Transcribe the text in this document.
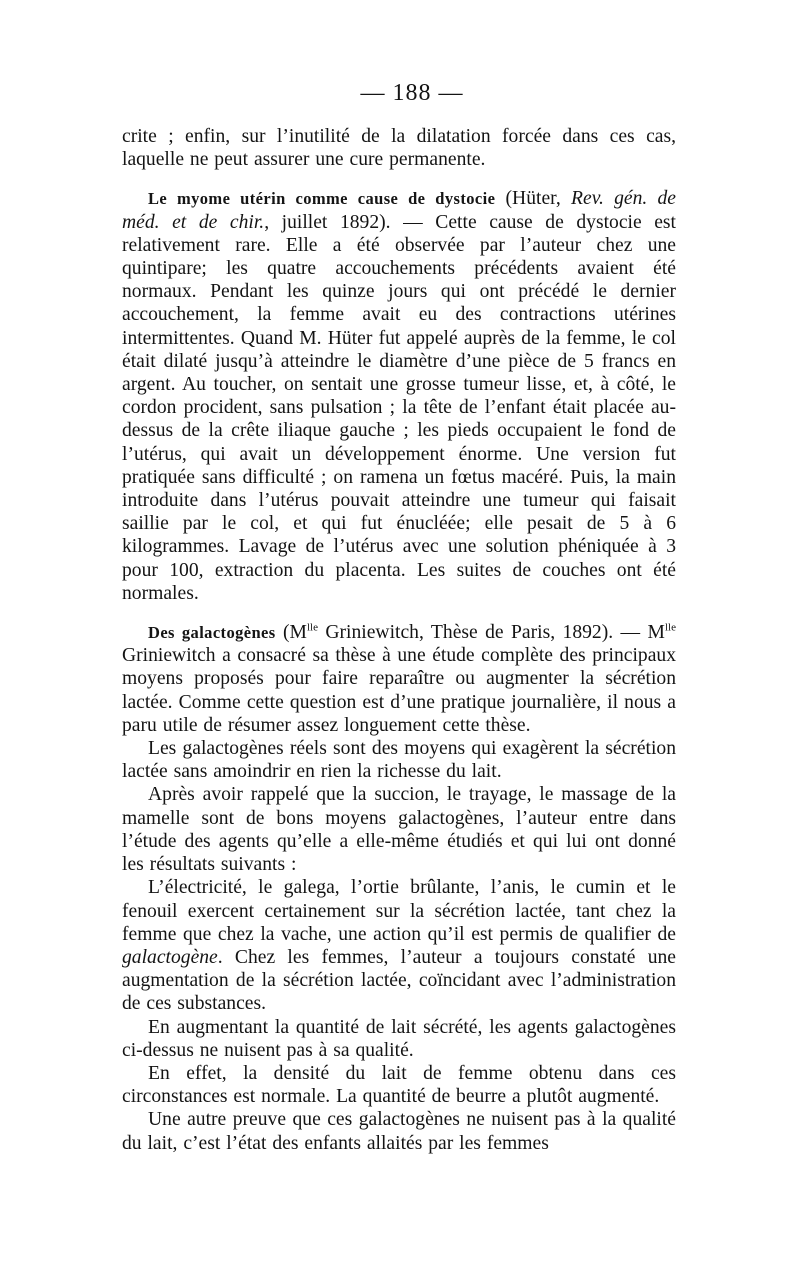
— 188 —

crite ; enfin, sur l’inutilité de la dilatation forcée dans ces cas, laquelle ne peut assurer une cure permanente.

Le myome utérin comme cause de dystocie (Hüter, Rev. gén. de méd. et de chir., juillet 1892). — Cette cause de dystocie est relativement rare. Elle a été observée par l’auteur chez une quintipare; les quatre accouchements précédents avaient été normaux. Pendant les quinze jours qui ont précédé le dernier accouchement, la femme avait eu des contractions utérines intermittentes. Quand M. Hüter fut appelé auprès de la femme, le col était dilaté jusqu’à atteindre le diamètre d’une pièce de 5 francs en argent. Au toucher, on sentait une grosse tumeur lisse, et, à côté, le cordon procident, sans pulsation ; la tête de l’enfant était placée au-dessus de la crête iliaque gauche ; les pieds occupaient le fond de l’utérus, qui avait un développement énorme. Une version fut pratiquée sans difficulté ; on ramena un fœtus macéré. Puis, la main introduite dans l’utérus pouvait atteindre une tumeur qui faisait saillie par le col, et qui fut énucléée; elle pesait de 5 à 6 kilogrammes. Lavage de l’utérus avec une solution phéniquée à 3 pour 100, extraction du placenta. Les suites de couches ont été normales.

Des galactogènes ($M^{lle}$ Griniewitch, Thèse de Paris, 1892). — $M^{lle}$ Griniewitch a consacré sa thèse à une étude complète des principaux moyens proposés pour faire reparaître ou augmenter la sécrétion lactée. Comme cette question est d’une pratique journalière, il nous a paru utile de résumer assez longuement cette thèse.

Les galactogènes réels sont des moyens qui exagèrent la sécrétion lactée sans amoindrir en rien la richesse du lait.

Après avoir rappelé que la succion, le trayage, le massage de la mamelle sont de bons moyens galactogènes, l’auteur entre dans l’étude des agents qu’elle a elle-même étudiés et qui lui ont donné les résultats suivants :

L’électricité, le galega, l’ortie brûlante, l’anis, le cumin et le fenouil exercent certainement sur la sécrétion lactée, tant chez la femme que chez la vache, une action qu’il est permis de qualifier de galactogène. Chez les femmes, l’auteur a toujours constaté une augmentation de la sécrétion lactée, coïncidant avec l’administration de ces substances.

En augmentant la quantité de lait sécrété, les agents galactogènes ci-dessus ne nuisent pas à sa qualité.

En effet, la densité du lait de femme obtenu dans ces circonstances est normale. La quantité de beurre a plutôt augmenté.

Une autre preuve que ces galactogènes ne nuisent pas à la qualité du lait, c’est l’état des enfants allaités par les femmes
